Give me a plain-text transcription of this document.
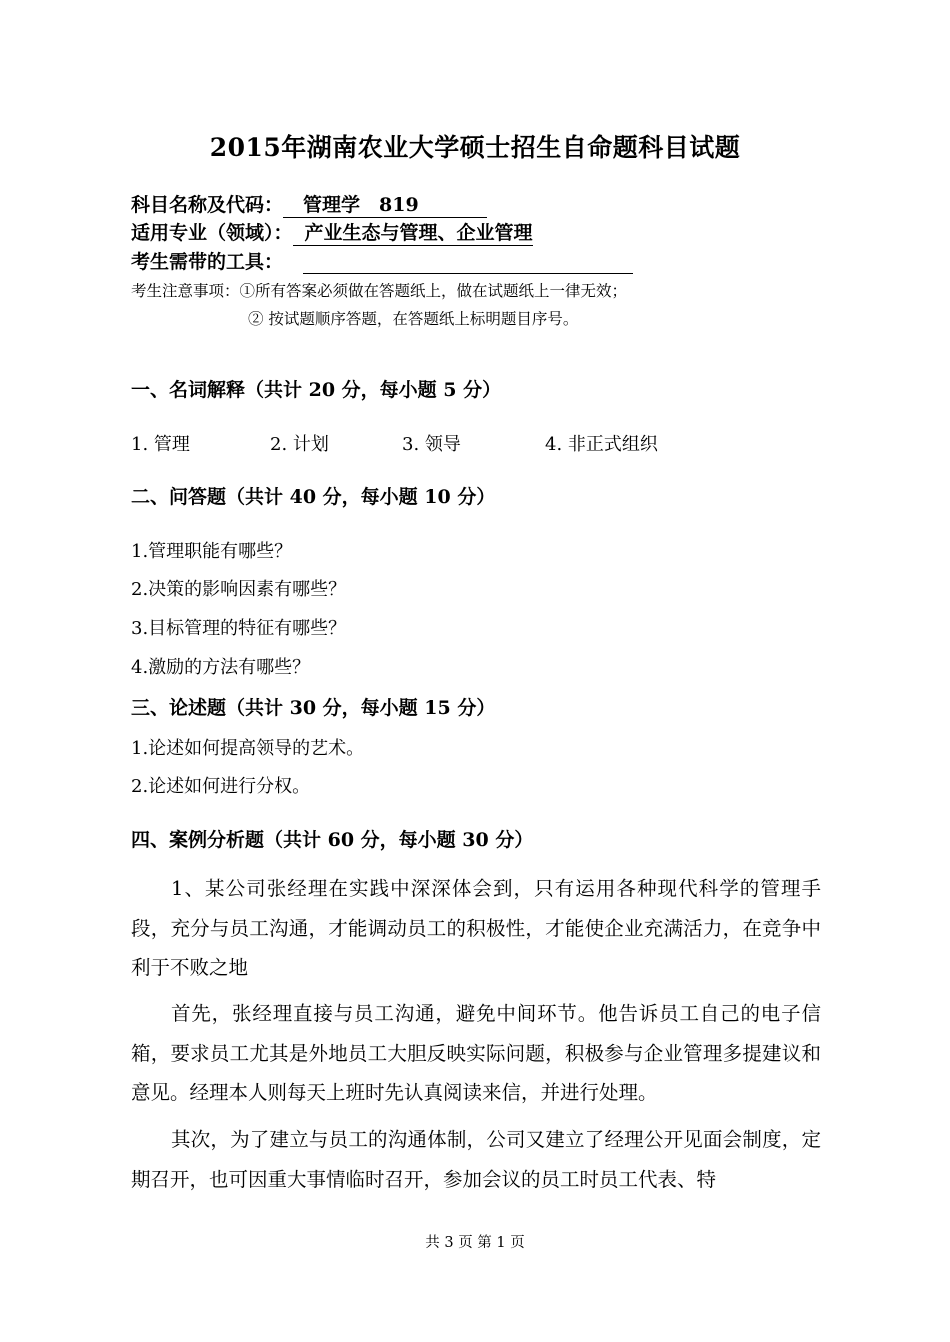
2015年湖南农业大学硕士招生自命题科目试题
科目名称及代码： 管理学　819
适用专业（领域）： 产业生态与管理、企业管理
考生需带的工具：
考生注意事项：①所有答案必须做在答题纸上，做在试题纸上一律无效；
② 按试题顺序答题，在答题纸上标明题目序号。
一、名词解释（共计 20 分，每小题 5 分）
1. 管理	2. 计划	3. 领导	4. 非正式组织
二、问答题（共计 40 分，每小题 10 分）
1.管理职能有哪些？
2.决策的影响因素有哪些？
3.目标管理的特征有哪些？
4.激励的方法有哪些？
三、论述题（共计 30 分，每小题 15 分）
1.论述如何提高领导的艺术。
2.论述如何进行分权。
四、案例分析题（共计 60 分，每小题 30 分）
1、某公司张经理在实践中深深体会到，只有运用各种现代科学的管理手段，充分与员工沟通，才能调动员工的积极性，才能使企业充满活力，在竞争中利于不败之地
首先，张经理直接与员工沟通，避免中间环节。他告诉员工自己的电子信箱，要求员工尤其是外地员工大胆反映实际问题，积极参与企业管理多提建议和意见。经理本人则每天上班时先认真阅读来信，并进行处理。
其次，为了建立与员工的沟通体制，公司又建立了经理公开见面会制度，定期召开，也可因重大事情临时召开，参加会议的员工时员工代表、特
共 3 页 第 1 页
